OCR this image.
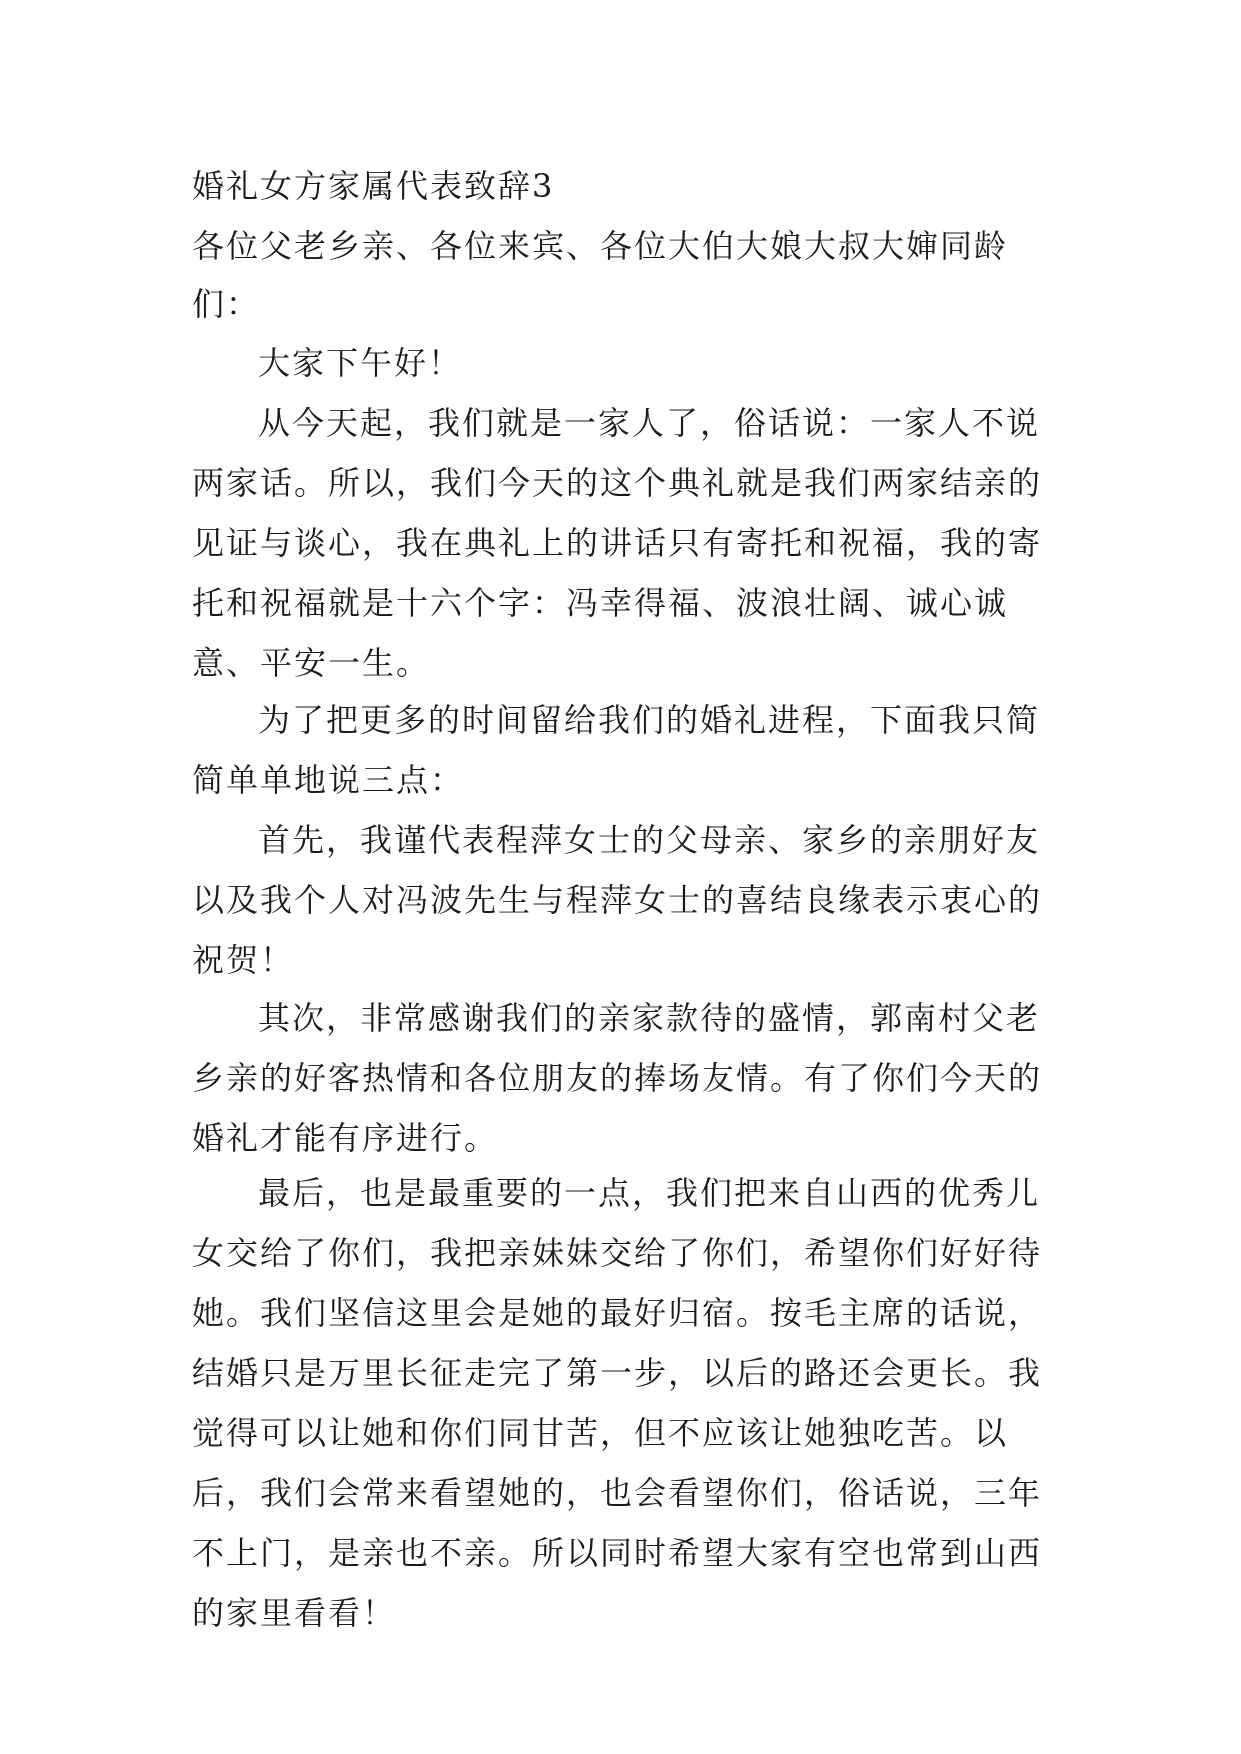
婚礼女方家属代表致辞3
各位父老乡亲、各位来宾、各位大伯大娘大叔大婶同龄们：
大家下午好！
从今天起，我们就是一家人了，俗话说：一家人不说两家话。所以，我们今天的这个典礼就是我们两家结亲的见证与谈心，我在典礼上的讲话只有寄托和祝福，我的寄托和祝福就是十六个字：冯幸得福、波浪壮阔、诚心诚意、平安一生。
为了把更多的时间留给我们的婚礼进程，下面我只简简单单地说三点：
首先，我谨代表程萍女士的父母亲、家乡的亲朋好友以及我个人对冯波先生与程萍女士的喜结良缘表示衷心的祝贺！
其次，非常感谢我们的亲家款待的盛情，郭南村父老乡亲的好客热情和各位朋友的捧场友情。有了你们今天的婚礼才能有序进行。
最后，也是最重要的一点，我们把来自山西的优秀儿女交给了你们，我把亲妹妹交给了你们，希望你们好好待她。我们坚信这里会是她的最好归宿。按毛主席的话说，结婚只是万里长征走完了第一步，以后的路还会更长。我觉得可以让她和你们同甘苦，但不应该让她独吃苦。以后，我们会常来看望她的，也会看望你们，俗话说，三年不上门，是亲也不亲。所以同时希望大家有空也常到山西的家里看看！
